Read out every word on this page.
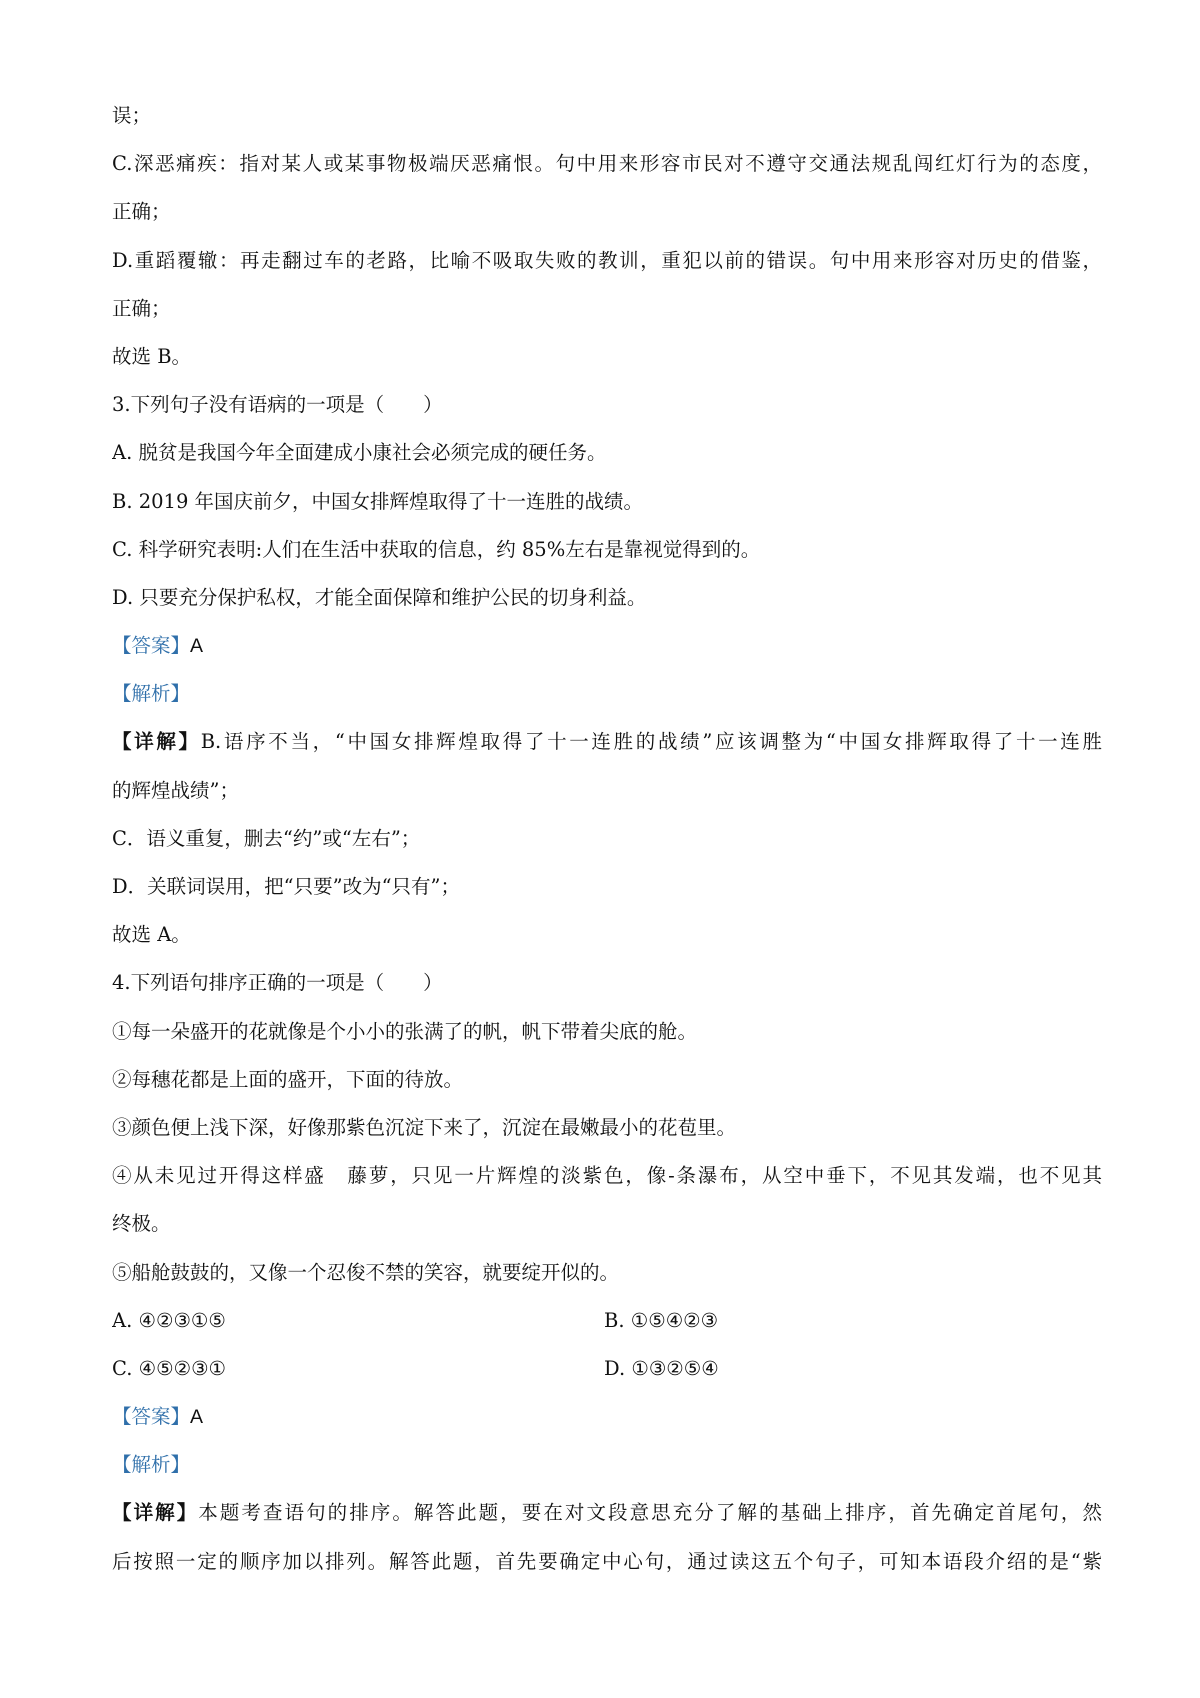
误；
C.深恶痛疾：指对某人或某事物极端厌恶痛恨。句中用来形容市民对不遵守交通法规乱闯红灯行为的态度，
正确；
D.重蹈覆辙：再走翻过车的老路，比喻不吸取失败的教训，重犯以前的错误。句中用来形容对历史的借鉴，
正确；
故选 B。
3.下列句子没有语病的一项是（　　）
A. 脱贫是我国今年全面建成小康社会必须完成的硬任务。
B. 2019 年国庆前夕，中国女排辉煌取得了十一连胜的战绩。
C. 科学研究表明:人们在生活中获取的信息，约 85%左右是靠视觉得到的。
D. 只要充分保护私权，才能全面保障和维护公民的切身利益。
【答案】A
【解析】
【详解】B.语序不当，“中国女排辉煌取得了十一连胜的战绩”应该调整为“中国女排辉取得了十一连胜
的辉煌战绩”；
C．语义重复，删去“约”或“左右”；
D．关联词误用，把“只要”改为“只有”；
故选 A。
4.下列语句排序正确的一项是（　　）
①每一朵盛开的花就像是个小小的张满了的帆，帆下带着尖底的舱。
②每穗花都是上面的盛开，下面的待放。
③颜色便上浅下深，好像那紫色沉淀下来了，沉淀在最嫩最小的花苞里。
④从未见过开得这样盛 藤萝，只见一片辉煌的淡紫色，像-条瀑布，从空中垂下，不见其发端，也不见其
终极。
⑤船舱鼓鼓的，又像一个忍俊不禁的笑容，就要绽开似的。
A. ④②③①⑤	B. ①⑤④②③
C. ④⑤②③①	D. ①③②⑤④
【答案】A
【解析】
【详解】本题考查语句的排序。解答此题，要在对文段意思充分了解的基础上排序，首先确定首尾句，然
后按照一定的顺序加以排列。解答此题，首先要确定中心句，通过读这五个句子，可知本语段介绍的是“紫
